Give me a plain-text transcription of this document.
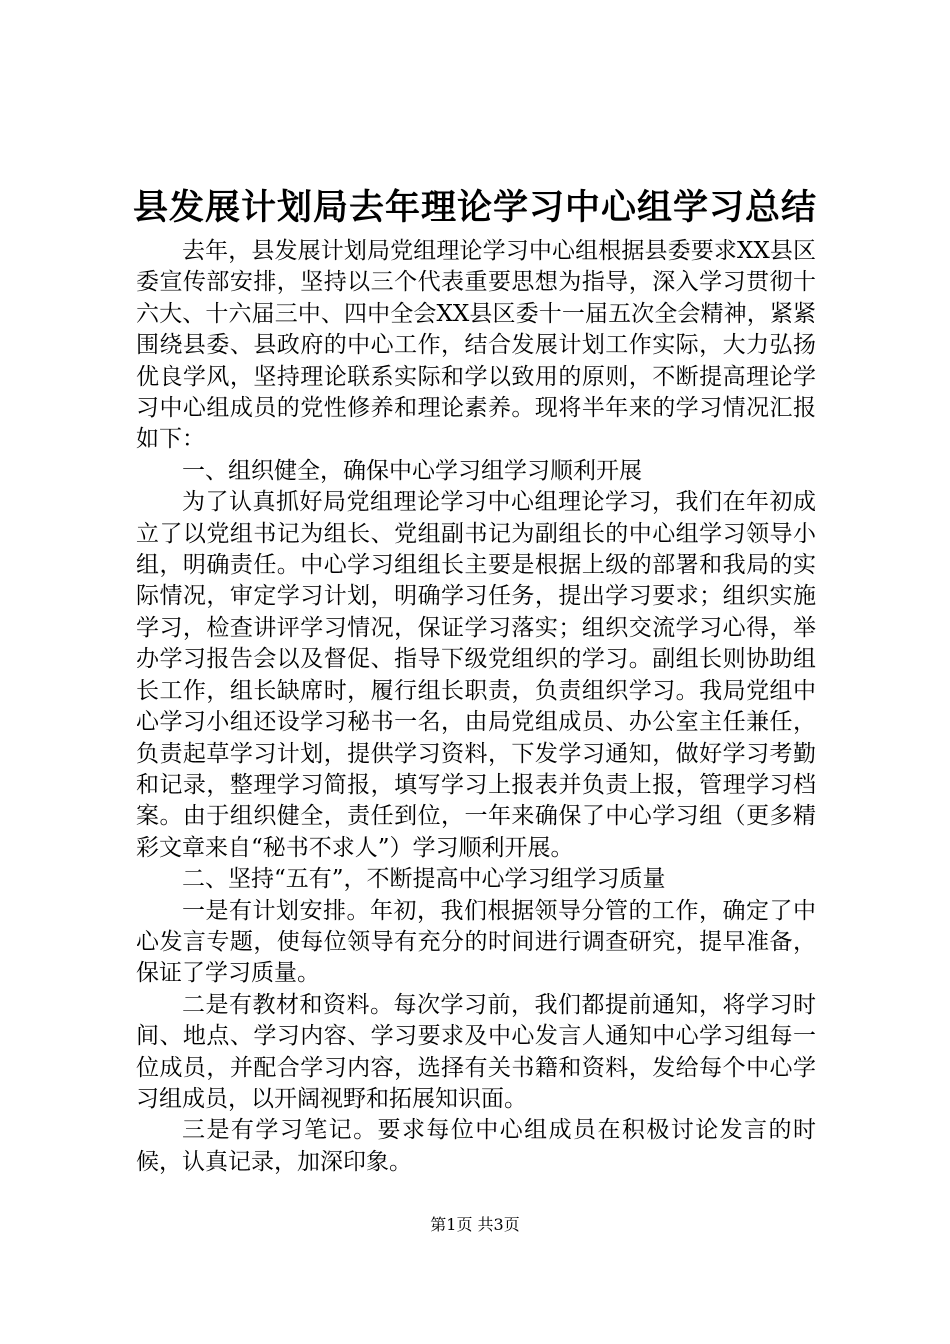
县发展计划局去年理论学习中心组学习总结

去年，县发展计划局党组理论学习中心组根据县委要求XX县区委宣传部安排，坚持以三个代表重要思想为指导，深入学习贯彻十六大、十六届三中、四中全会XX县区委十一届五次全会精神，紧紧围绕县委、县政府的中心工作，结合发展计划工作实际，大力弘扬优良学风，坚持理论联系实际和学以致用的原则，不断提高理论学习中心组成员的党性修养和理论素养。现将半年来的学习情况汇报如下：

一、组织健全，确保中心学习组学习顺利开展

为了认真抓好局党组理论学习中心组理论学习，我们在年初成立了以党组书记为组长、党组副书记为副组长的中心组学习领导小组，明确责任。中心学习组组长主要是根据上级的部署和我局的实际情况，审定学习计划，明确学习任务，提出学习要求；组织实施学习，检查讲评学习情况，保证学习落实；组织交流学习心得，举办学习报告会以及督促、指导下级党组织的学习。副组长则协助组长工作，组长缺席时，履行组长职责，负责组织学习。我局党组中心学习小组还设学习秘书一名，由局党组成员、办公室主任兼任，负责起草学习计划，提供学习资料，下发学习通知，做好学习考勤和记录，整理学习简报，填写学习上报表并负责上报，管理学习档案。由于组织健全，责任到位，一年来确保了中心学习组（更多精彩文章来自“秘书不求人”）学习顺利开展。

二、坚持“五有”，不断提高中心学习组学习质量

一是有计划安排。年初，我们根据领导分管的工作，确定了中心发言专题，使每位领导有充分的时间进行调查研究，提早准备，保证了学习质量。

二是有教材和资料。每次学习前，我们都提前通知，将学习时间、地点、学习内容、学习要求及中心发言人通知中心学习组每一位成员，并配合学习内容，选择有关书籍和资料，发给每个中心学习组成员，以开阔视野和拓展知识面。

三是有学习笔记。要求每位中心组成员在积极讨论发言的时候，认真记录，加深印象。

第1页 共3页
